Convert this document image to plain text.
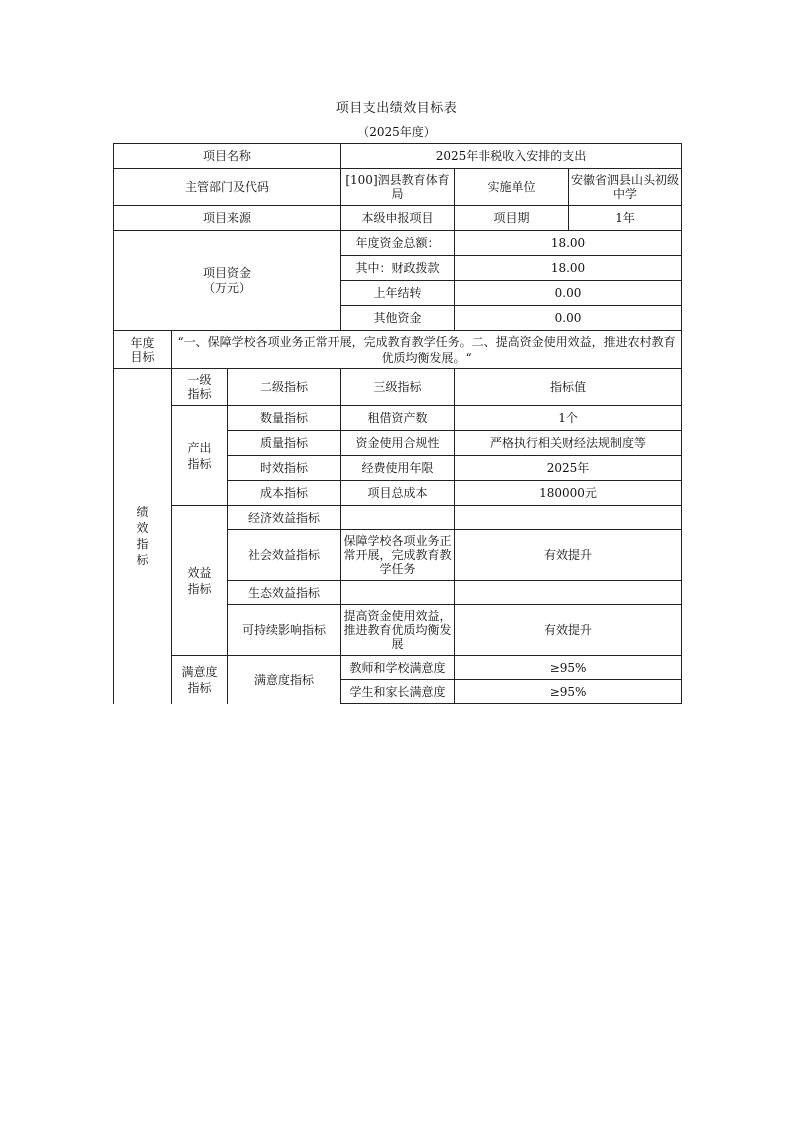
项目支出绩效目标表
（2025年度）
项目名称			2025年非税收入安排的支出		
主管部门及代码			[100]泗县教育体育局	实施单位	安徽省泗县山头初级中学
项目来源			本级申报项目	项目期	1年

项目资金（万元）			年度资金总额：	18.00	
			其中：财政拨款	18.00	
			上年结转	0.00	
			其他资金	0.00	

年度目标	“一、保障学校各项业务正常开展，完成教育教学任务。二、提高资金使用效益，推进农村教育优质均衡发展。“				
绩效指标	一级指标	二级指标	三级指标	指标值	

	产出指标	数量指标	租借资产数	1个	
		质量指标	资金使用合规性	严格执行相关财经法规制度等	
		时效指标	经费使用年限	2025年	
		成本指标	项目总成本	180000元	

	效益指标	经济效益指标			
		社会效益指标	保障学校各项业务正常开展，完成教育教学任务	有效提升	
		生态效益指标			
		可持续影响指标	提高资金使用效益，推进教育优质均衡发展	有效提升	

	满意度指标	满意度指标	教师和学校满意度	≥95%	
			学生和家长满意度	≥95%	
